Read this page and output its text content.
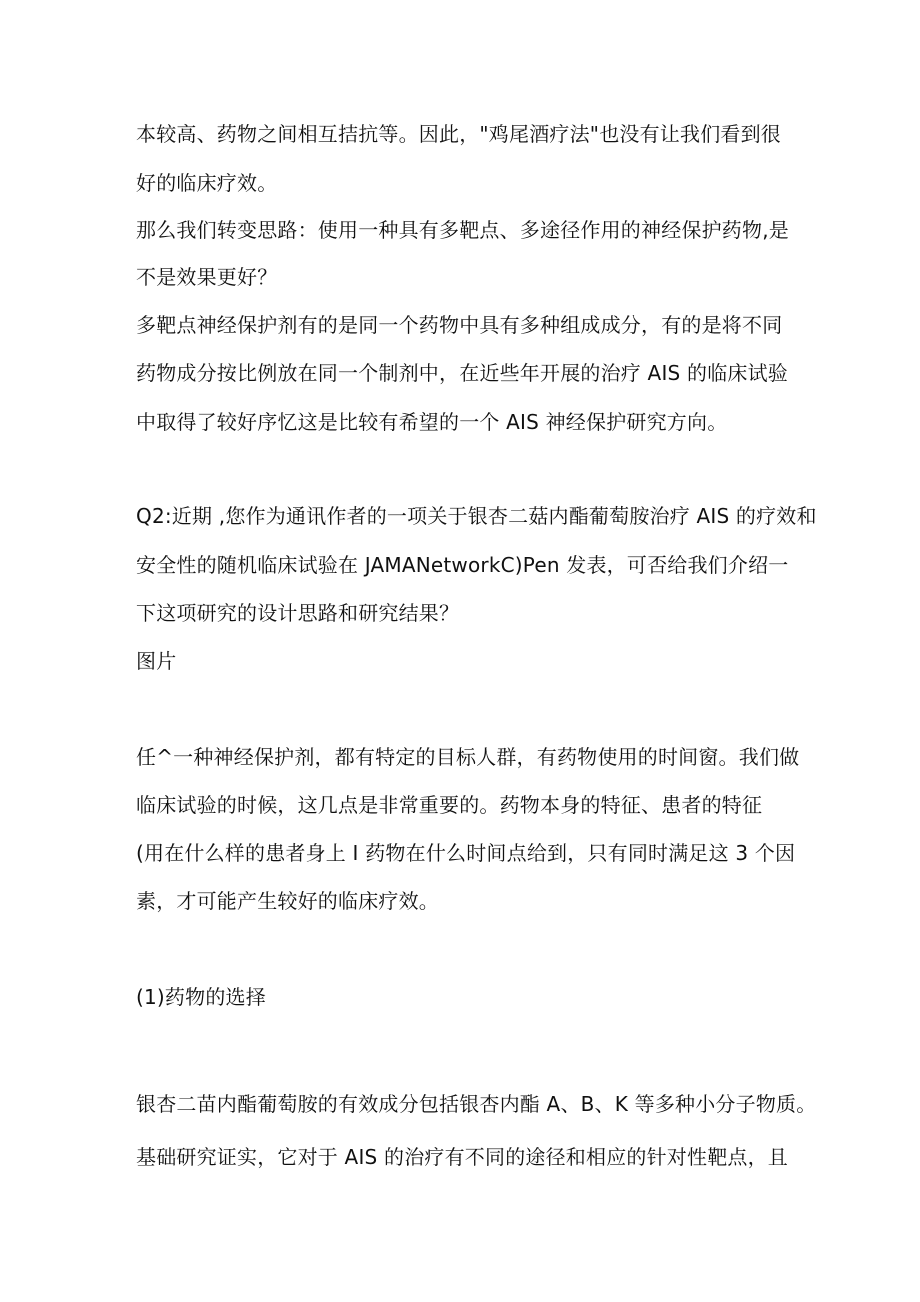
本较高、药物之间相互拮抗等。因此，"鸡尾酒疗法"也没有让我们看到很
好的临床疗效。
那么我们转变思路：使用一种具有多靶点、多途径作用的神经保护药物,是
不是效果更好？
多靶点神经保护剂有的是同一个药物中具有多种组成成分，有的是将不同
药物成分按比例放在同一个制剂中，在近些年开展的治疗 AIS 的临床试验
中取得了较好序忆这是比较有希望的一个 AIS 神经保护研究方向。
Q2:近期 ,您作为通讯作者的一项关于银杏二菇内酯葡萄胺治疗 AIS 的疗效和
安全性的随机临床试验在 JAMANetworkC)Pen 发表，可否给我们介绍一
下这项研究的设计思路和研究结果？
图片
任^一种神经保护剂，都有特定的目标人群，有药物使用的时间窗。我们做
临床试验的时候，这几点是非常重要的。药物本身的特征、患者的特征
(用在什么样的患者身上 I 药物在什么时间点给到，只有同时满足这 3 个因
素，才可能产生较好的临床疗效。
(1)药物的选择
银杏二苗内酯葡萄胺的有效成分包括银杏内酯 A、B、K 等多种小分子物质。
基础研究证实，它对于 AIS 的治疗有不同的途径和相应的针对性靶点，且
